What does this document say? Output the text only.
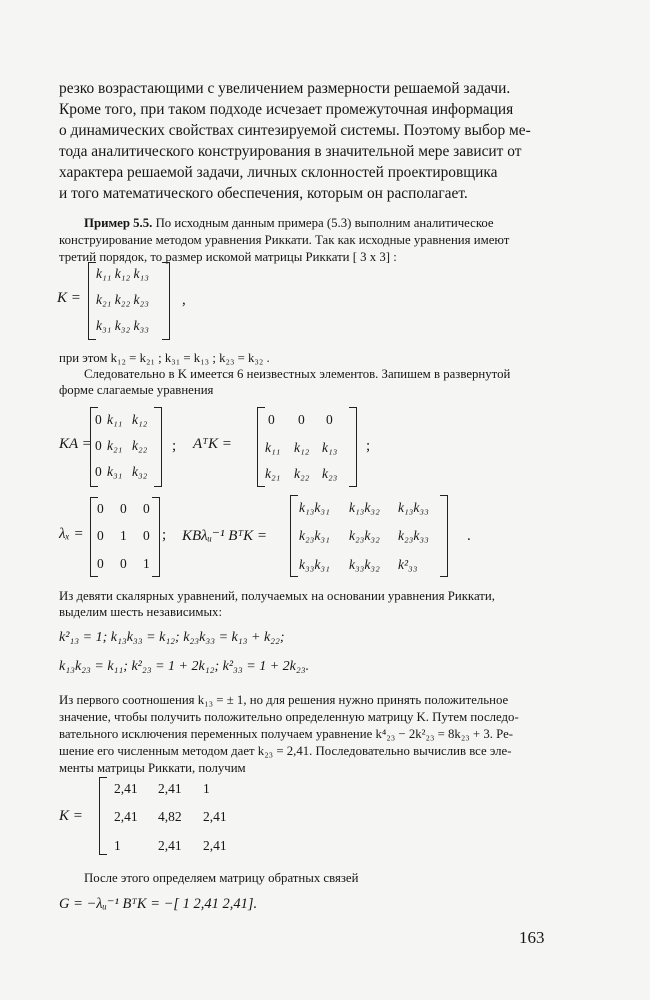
резко возрастающими с увеличением размерности решаемой задачи.
Кроме того, при таком подходе исчезает промежуточная информация
о динамических свойствах синтезируемой системы. Поэтому выбор ме-
тода аналитического конструирования в значительной мере зависит от
характера решаемой задачи, личных склонностей проектировщика
и того математического обеспечения, которым он располагает.
Пример 5.5. По исходным данным примера (5.3) выполним аналитическое
конструирование методом уравнения Риккати. Так как исходные уравнения имеют
третий порядок, то размер искомой матрицы Риккати [ 3 x 3] :
K =
k₁₁ k₁₂ k₁₃
k₂₁ k₂₂ k₂₃
k₃₁ k₃₂ k₃₃
,
при этом k₁₂ = k₂₁ ; k₃₁ = k₁₃ ; k₂₃ = k₃₂ .
Следовательно в K имеется 6 неизвестных элементов. Запишем в развернутой
форме слагаемые уравнения
KA =
0 k₁₁ k₁₂
0 k₂₁ k₂₂
0 k₃₁ k₃₂
; AᵀK =
0 0 0
k₁₁ k₁₂ k₁₃
k₂₁ k₂₂ k₂₃
;
λₓ =
0 0 0
0 1 0
0 0 1
; KBλᵤ⁻¹ BᵀK =
k₁₃k₃₁ k₁₃k₃₂ k₁₃k₃₃
k₂₃k₃₁ k₂₃k₃₂ k₂₃k₃₃
k₃₃k₃₁ k₃₃k₃₂ k²₃₃
.
Из девяти скалярных уравнений, получаемых на основании уравнения Риккати,
выделим шесть независимых:
k²₁₃ = 1; k₁₃k₃₃ = k₁₂; k₂₃k₃₃ = k₁₃ + k₂₂;
k₁₃k₂₃ = k₁₁; k²₂₃ = 1 + 2k₁₂; k²₃₃ = 1 + 2k₂₃.
Из первого соотношения k₁₃ = ± 1, но для решения нужно принять положительное
значение, чтобы получить положительно определенную матрицу K. Путем последо-
вательного исключения переменных получаем уравнение k⁴₂₃ − 2k²₂₃ = 8k₂₃ + 3. Ре-
шение его численным методом дает k₂₃ = 2,41. Последовательно вычислив все эле-
менты матрицы Риккати, получим
K =
2,41 2,41 1
2,41 4,82 2,41
1	2,41 2,41
После этого определяем матрицу обратных связей
G = −λᵤ⁻¹ BᵀK = −[ 1 2,41 2,41].
163
